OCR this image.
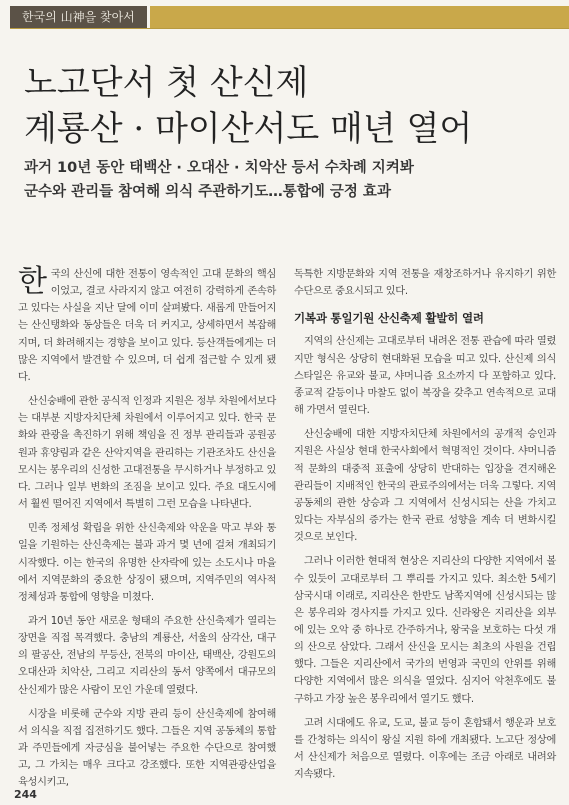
한국의 山神을 찾아서
노고단서 첫 산신제
계룡산 · 마이산서도 매년 열어
과거 10년 동안 태백산 · 오대산 · 치악산 등서 수차례 지켜봐
군수와 관리들 참여해 의식 주관하기도…통합에 긍정 효과

한국의 산신에 대한 전통이 영속적인 고대 문화의 핵심이었고, 결코 사라지지 않고 여전히 강력하게 존속하고 있다는 사실을 지난 달에 이미 살펴봤다. 새롭게 만들어지는 산신탱화와 동상들은 더욱 더 커지고, 상세하면서 복잡해지며, 더 화려해지는 경향을 보이고 있다. 등산객들에게는 더 많은 지역에서 발견할 수 있으며, 더 쉽게 접근할 수 있게 됐다.

산신숭배에 관한 공식적 인정과 지원은 정부 차원에서보다는 대부분 지방자치단체 차원에서 이루어지고 있다. 한국 문화와 관광을 촉진하기 위해 책임을 진 정부 관리들과 공원공원과 휴양림과 같은 산악지역을 관리하는 기관조차도 산신을 모시는 봉우리의 신성한 고대전통을 무시하거나 부정하고 있다. 그러나 일부 변화의 조짐을 보이고 있다. 주요 대도시에서 훨씬 떨어진 지역에서 특별히 그런 모습을 나타낸다.

민족 정체성 확립을 위한 산신축제와 악운을 막고 부와 통일을 기원하는 산신축제는 불과 과거 몇 년에 걸쳐 개최되기 시작했다. 이는 한국의 유명한 산자락에 있는 소도시나 마을에서 지역문화의 중요한 상징이 됐으며, 지역주민의 역사적 정체성과 통합에 영향을 미쳤다.

과거 10년 동안 새로운 형태의 주요한 산신축제가 열리는 장면을 직접 목격했다. 충남의 계룡산, 서울의 삼각산, 대구의 팔공산, 전남의 무등산, 전북의 마이산, 태백산, 강원도의 오대산과 치악산, 그리고 지리산의 동서 양쪽에서 대규모의 산신제가 많은 사람이 모인 가운데 열렸다.

시장을 비롯해 군수와 지방 관리 등이 산신축제에 참여해서 의식을 직접 집전하기도 했다. 그들은 지역 공동체의 통합과 주민들에게 자긍심을 불어넣는 주요한 수단으로 참여했고, 그 가치는 매우 크다고 강조했다. 또한 지역관광산업을 육성시키고,

독특한 지방문화와 지역 전통을 재창조하거나 유지하기 위한 수단으로 중요시되고 있다.

기복과 통일기원 산신축제 활발히 열려

지역의 산신제는 고대로부터 내려온 전통 관습에 따라 열렸지만 형식은 상당히 현대화된 모습을 띠고 있다. 산신제 의식 스타일은 유교와 불교, 샤머니즘 요소까지 다 포함하고 있다. 종교적 갈등이나 마찰도 없이 복장을 갖추고 연속적으로 교대해 가면서 열린다.

산신숭배에 대한 지방자치단체 차원에서의 공개적 승인과 지원은 사실상 현대 한국사회에서 혁명적인 것이다. 샤머니즘적 문화의 대중적 표출에 상당히 반대하는 입장을 견지해온 관리들이 지배적인 한국의 관료주의에서는 더욱 그렇다. 지역 공동체의 관한 상승과 그 지역에서 신성시되는 산을 가치고 있다는 자부심의 증가는 한국 관료 성향을 계속 더 변화시킬 것으로 보인다.

그러나 이러한 현대적 현상은 지리산의 다양한 지역에서 볼 수 있듯이 고대로부터 그 뿌리를 가지고 있다. 최소한 5세기 삼국시대 이래로, 지리산은 한반도 남쪽지역에 신성시되는 많은 봉우리와 경사지를 가지고 있다. 신라왕은 지리산을 외부에 있는 오악 중 하나로 간주하거나, 왕국을 보호하는 다섯 개의 산으로 삼았다. 그래서 산신을 모시는 최초의 사원을 건립했다. 그들은 지리산에서 국가의 번영과 국민의 안위를 위해 다양한 지역에서 많은 의식을 열었다. 심지어 악천후에도 불구하고 가장 높은 봉우리에서 열기도 했다.

고려 시대에도 유교, 도교, 불교 등이 혼합돼서 행운과 보호를 간청하는 의식이 왕실 지원 하에 개최됐다. 노고단 정상에서 산신제가 처음으로 열렸다. 이후에는 조금 아래로 내려와 지속됐다.

244
